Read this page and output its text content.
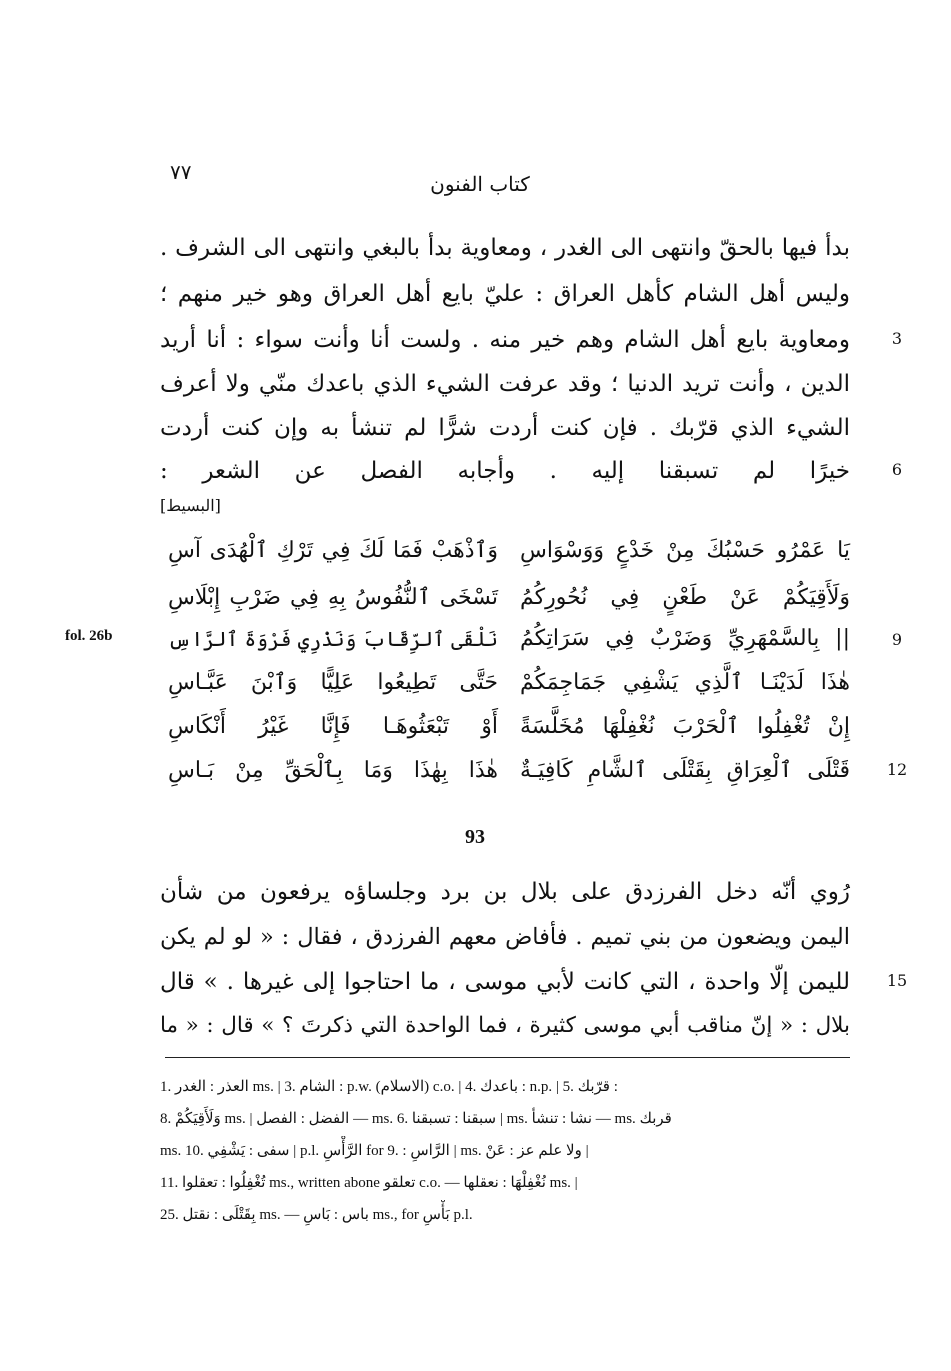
٧٧	كتاب الفنون
بدأ فيها بالحقّ وانتهى الى الغدر ، ومعاوية بدأ بالبغي وانتهى الى الشرف .
وليس أهل الشام كأهل العراق : عليّ بايع أهل العراق وهو خير منهم ؛
ومعاوية بايع أهل الشام وهم خير منه . ولست أنا وأنت سواء : أنا أريد
الدين ، وأنت تريد الدنيا ؛ وقد عرفت الشيء الذي باعدك منّي ولا أعرف
الشيء الذي قرّبك . فإن كنت أردت شرًّا لم تنشأ به وإن كنت أردت
خيرًا لم تسبقنا إليه . وأجابه الفصل عن الشعر :
3
6
9
12
15
[البسيط]
fol. 26b
يَا عَمْرُو حَسْبُكَ مِنْ خَدْعٍ وَوَسْوَاسِ
وَٱذْهَبْ فَمَا لَكَ فِي تَرْكِ ٱلْهُدَى آسِ
وَلَأَقِيَكُمْ عَنْ طَعْنٍ فِي نُحُورِكُمُ
تَسْخَى ٱلنُّفُوسُ بِهِ فِي ضَرْبِ إِبْلَاسِ
|| بِالسَّمْهَرِيِّ وَضَرْبٌ فِي سَرَاتِكُمُ
نَلْقَى ٱلرِّقَابَ وَنَذْرِي فَرْوَةَ ٱلرَّاسِ
هٰذَا لَدَيْنَـا ٱلَّذِي يَشْفِي جَمَاجِمَكُمْ
حَتَّى تَطِيعُوا عَلِيًّا وَٱبْنَ عَبَّـاسِ
إِنْ تُغْفِلُوا ٱلْحَرْبَ نُغْفِلْهَا مُخَلَّسَةً
أَوْ تَبْعَثُوهَـا فَإِنَّا غَيْرُ أَنْكَاسِ
قَتْلَى ٱلْعِرَاقِ بِقَتْلَى ٱلشَّامِ كَافِيَـةٌ
هٰذَا بِهٰذَا وَمَا بِٱلْحَقِّ مِنْ بَـاسِ
93
رُوي أنّه دخل الفرزدق على بلال بن برد وجلساؤه يرفعون من شأن
اليمن ويضعون من بني تميم . فأفاض معهم الفرزدق ، فقال : « لو لم يكن
لليمن إلّا واحدة ، التي كانت لأبي موسى ، ما احتاجوا إلى غيرها . » قال
بلال : « إنّ مناقب أبي موسى كثيرة ، فما الواحدة التي ذكرتَ ؟ » قال : « ما
1. العذر : الغدر ms. | 3. الشام : p.w. (الاسلام) c.o. | 4. باعدك : n.p. | 5. قرّبك :
8. وَلَأَقِيَكُمْ ms. | الفضل : الفصل — ms. سبقنا : تسبقنا .6 | ms. نشا : تنشأ — ms. قربك
ms. سفى : يَشْفِي .10 | p.l. الرَّأْسِ for الرَّاسِ : .9 | ms. ولا علم عز : عَنْ |
11. تُغْفِلُوا : تعقلوا ms., written abone تعلقو c.o. — نُغْفِلْهَا : نعقلها ms. |
25. بِقَتْلَى : نقتل ms. — باس : بَاسِ ms., for بَأْسِ p.l.
